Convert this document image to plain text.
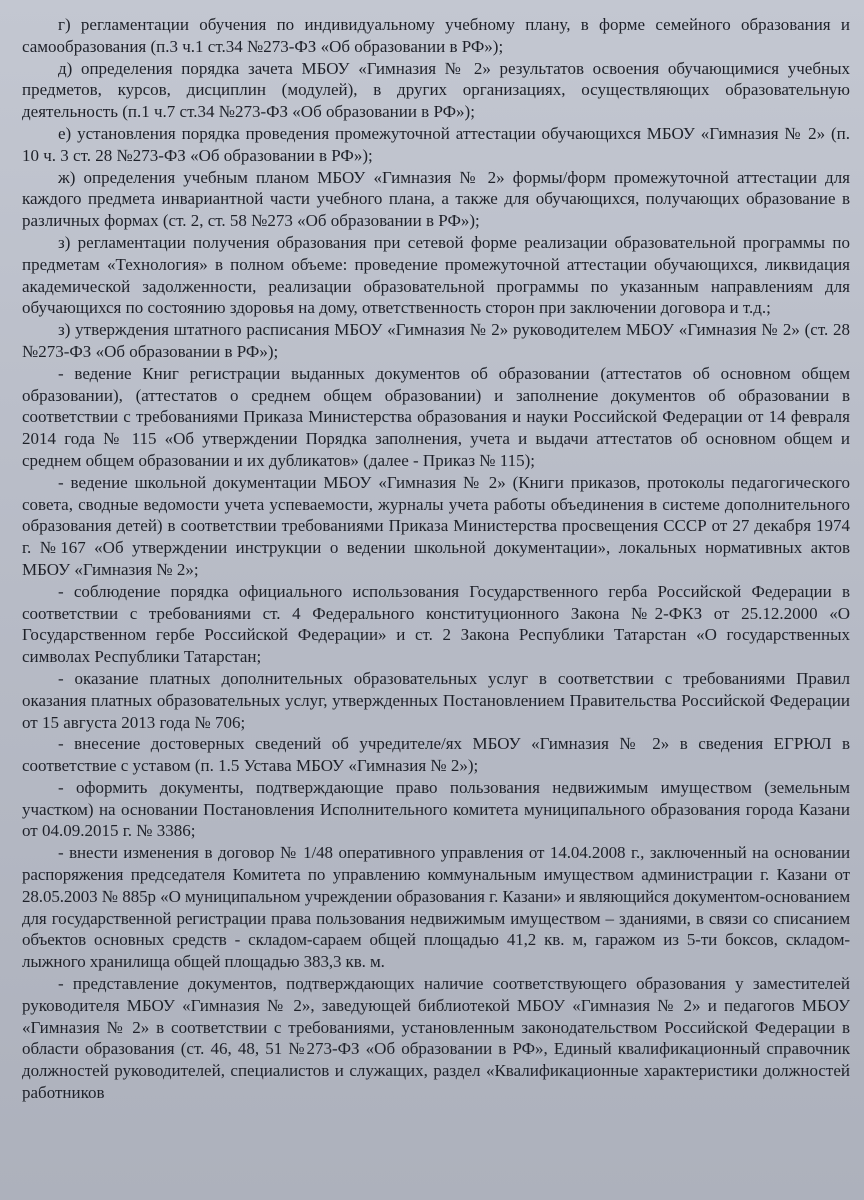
г) регламентации обучения по индивидуальному учебному плану, в форме семейного образования и самообразования (п.3 ч.1 ст.34 №273-ФЗ «Об образовании в РФ»);

д) определения порядка зачета МБОУ «Гимназия № 2» результатов освоения обучающимися учебных предметов, курсов, дисциплин (модулей), в других организациях, осуществляющих образовательную деятельность (п.1 ч.7 ст.34 №273-ФЗ «Об образовании в РФ»);

е) установления порядка проведения промежуточной аттестации обучающихся МБОУ «Гимназия № 2» (п. 10 ч. 3 ст. 28 №273-ФЗ «Об образовании в РФ»);

ж) определения учебным планом МБОУ «Гимназия № 2» формы/форм промежуточной аттестации для каждого предмета инвариантной части учебного плана, а также для обучающихся, получающих образование в различных формах (ст. 2, ст. 58 №273 «Об образовании в РФ»);

з) регламентации получения образования при сетевой форме реализации образовательной программы по предметам «Технология» в полном объеме: проведение промежуточной аттестации обучающихся, ликвидация академической задолженности, реализации образовательной программы по указанным направлениям для обучающихся по состоянию здоровья на дому, ответственность сторон при заключении договора и т.д.;

з) утверждения штатного расписания МБОУ «Гимназия № 2» руководителем МБОУ «Гимназия № 2» (ст. 28 №273-ФЗ «Об образовании в РФ»);

- ведение Книг регистрации выданных документов об образовании (аттестатов об основном общем образовании), (аттестатов о среднем общем образовании) и заполнение документов об образовании в соответствии с требованиями Приказа Министерства образования и науки Российской Федерации от 14 февраля 2014 года № 115 «Об утверждении Порядка заполнения, учета и выдачи аттестатов об основном общем и среднем общем образовании и их дубликатов» (далее - Приказ № 115);

- ведение школьной документации МБОУ «Гимназия № 2» (Книги приказов, протоколы педагогического совета, сводные ведомости учета успеваемости, журналы учета работы объединения в системе дополнительного образования детей) в соответствии требованиями Приказа Министерства просвещения СССР от 27 декабря 1974 г. №167 «Об утверждении инструкции о ведении школьной документации», локальных нормативных актов МБОУ «Гимназия № 2»;

- соблюдение порядка официального использования Государственного герба Российской Федерации в соответствии с требованиями ст. 4 Федерального конституционного Закона №2-ФКЗ от 25.12.2000 «О Государственном гербе Российской Федерации» и ст. 2 Закона Республики Татарстан «О государственных символах Республики Татарстан;

- оказание платных дополнительных образовательных услуг в соответствии с требованиями Правил оказания платных образовательных услуг, утвержденных Постановлением Правительства Российской Федерации от 15 августа 2013 года № 706;

- внесение достоверных сведений об учредителе/ях МБОУ «Гимназия № 2» в сведения ЕГРЮЛ в соответствие с уставом (п. 1.5 Устава МБОУ «Гимназия № 2»);

- оформить документы, подтверждающие право пользования недвижимым имуществом (земельным участком) на основании Постановления Исполнительного комитета муниципального образования города Казани от 04.09.2015 г. № 3386;

- внести изменения в договор № 1/48 оперативного управления от 14.04.2008 г., заключенный на основании распоряжения председателя Комитета по управлению коммунальным имуществом администрации г. Казани от 28.05.2003 № 885р «О муниципальном учреждении образования г. Казани» и являющийся документом-основанием для государственной регистрации права пользования недвижимым имуществом – зданиями, в связи со списанием объектов основных средств - складом-сараем общей площадью 41,2 кв. м, гаражом из 5-ти боксов, складом-лыжного хранилища общей площадью 383,3 кв. м.

- представление документов, подтверждающих наличие соответствующего образования у заместителей руководителя МБОУ «Гимназия № 2», заведующей библиотекой МБОУ «Гимназия № 2» и педагогов МБОУ «Гимназия № 2» в соответствии с требованиями, установленным законодательством Российской Федерации в области образования (ст. 46, 48, 51 №273-ФЗ «Об образовании в РФ», Единый квалификационный справочник должностей руководителей, специалистов и служащих, раздел «Квалификационные характеристики должностей работников
